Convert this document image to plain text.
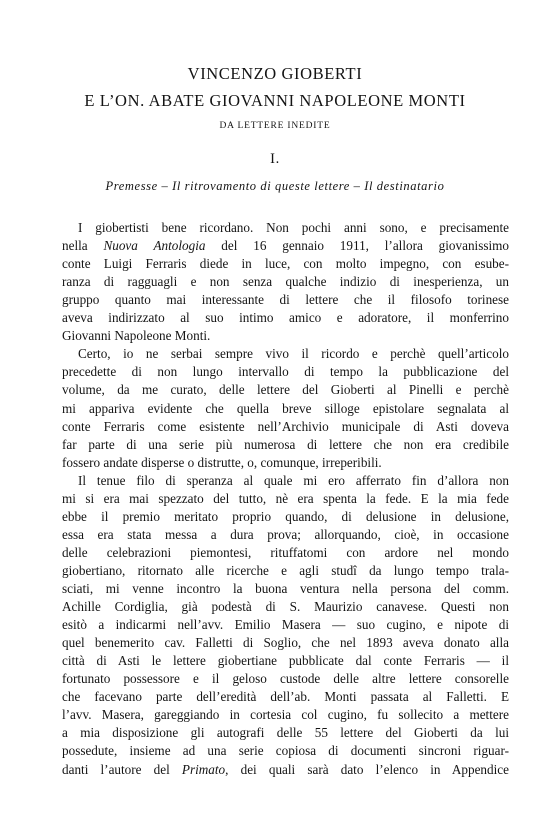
VINCENZO GIOBERTI
E L’ON. ABATE GIOVANNI NAPOLEONE MONTI
DA LETTERE INEDITE
I.
Premesse – Il ritrovamento di queste lettere – Il destinatario
I giobertisti bene ricordano. Non pochi anni sono, e precisamente
nella Nuova Antologia del 16 gennaio 1911, l’allora giovanissimo
conte Luigi Ferraris diede in luce, con molto impegno, con esube-
ranza di ragguagli e non senza qualche indizio di inesperienza, un
gruppo quanto mai interessante di lettere che il filosofo torinese
aveva indirizzato al suo intimo amico e adoratore, il monferrino
Giovanni Napoleone Monti.
Certo, io ne serbai sempre vivo il ricordo e perchè quell’articolo
precedette di non lungo intervallo di tempo la pubblicazione del
volume, da me curato, delle lettere del Gioberti al Pinelli e perchè
mi appariva evidente che quella breve silloge epistolare segnalata al
conte Ferraris come esistente nell’Archivio municipale di Asti doveva
far parte di una serie più numerosa di lettere che non era credibile
fossero andate disperse o distrutte, o, comunque, irreperibili.
Il tenue filo di speranza al quale mi ero afferrato fin d’allora non
mi si era mai spezzato del tutto, nè era spenta la fede. E la mia fede
ebbe il premio meritato proprio quando, di delusione in delusione,
essa era stata messa a dura prova; allorquando, cioè, in occasione
delle celebrazioni piemontesi, rituffatomi con ardore nel mondo
giobertiano, ritornato alle ricerche e agli studî da lungo tempo trala-
sciati, mi venne incontro la buona ventura nella persona del comm.
Achille Cordiglia, già podestà di S. Maurizio canavese. Questi non
esitò a indicarmi nell’avv. Emilio Masera — suo cugino, e nipote di
quel benemerito cav. Falletti di Soglio, che nel 1893 aveva donato alla
città di Asti le lettere giobertiane pubblicate dal conte Ferraris — il
fortunato possessore e il geloso custode delle altre lettere consorelle
che facevano parte dell’eredità dell’ab. Monti passata al Falletti. E
l’avv. Masera, gareggiando in cortesia col cugino, fu sollecito a mettere
a mia disposizione gli autografi delle 55 lettere del Gioberti da lui
possedute, insieme ad una serie copiosa di documenti sincroni riguar-
danti l’autore del Primato, dei quali sarà dato l’elenco in Appendice
